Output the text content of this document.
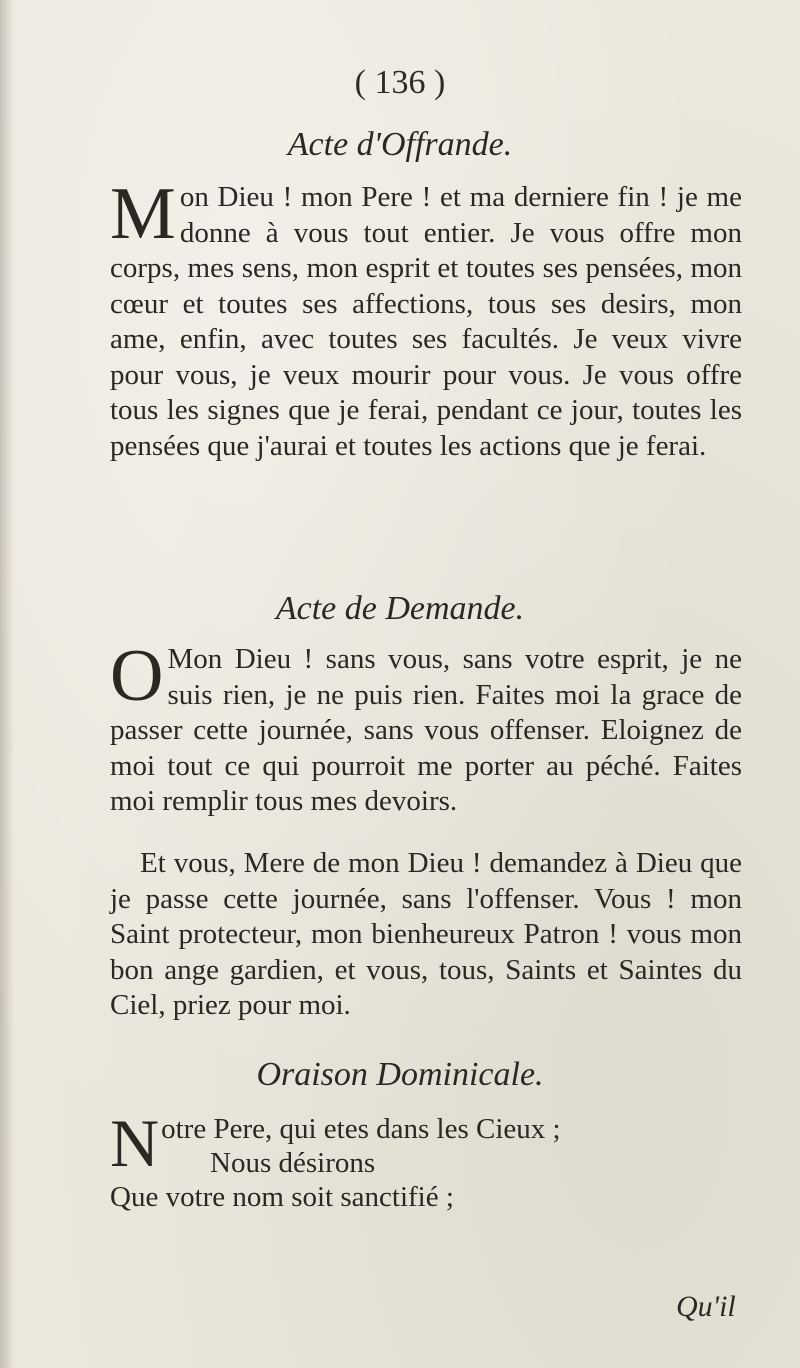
( 136 )
Acte d'Offrande.
Mon Dieu ! mon Pere ! et ma derniere fin ! je me donne à vous tout entier. Je vous offre mon corps, mes sens, mon esprit et toutes ses pensées, mon cœur et toutes ses affections, tous ses desirs, mon ame, enfin, avec toutes ses facultés. Je veux vivre pour vous, je veux mourir pour vous. Je vous offre tous les signes que je ferai, pendant ce jour, toutes les pensées que j'aurai et toutes les actions que je ferai.
Acte de Demande.
OMon Dieu ! sans vous, sans votre esprit, je ne suis rien, je ne puis rien. Faites moi la grace de passer cette journée, sans vous offenser. Eloignez de moi tout ce qui pourroit me porter au péché. Faites moi remplir tous mes devoirs.
Et vous, Mere de mon Dieu ! demandez à Dieu que je passe cette journée, sans l'offenser. Vous ! mon Saint protecteur, mon bienheureux Patron ! vous mon bon ange gardien, et vous, tous, Saints et Saintes du Ciel, priez pour moi.
Oraison Dominicale.
Notre Pere, qui etes dans les Cieux ;
Nous désirons
Que votre nom soit sanctifié ;
Qu'il
